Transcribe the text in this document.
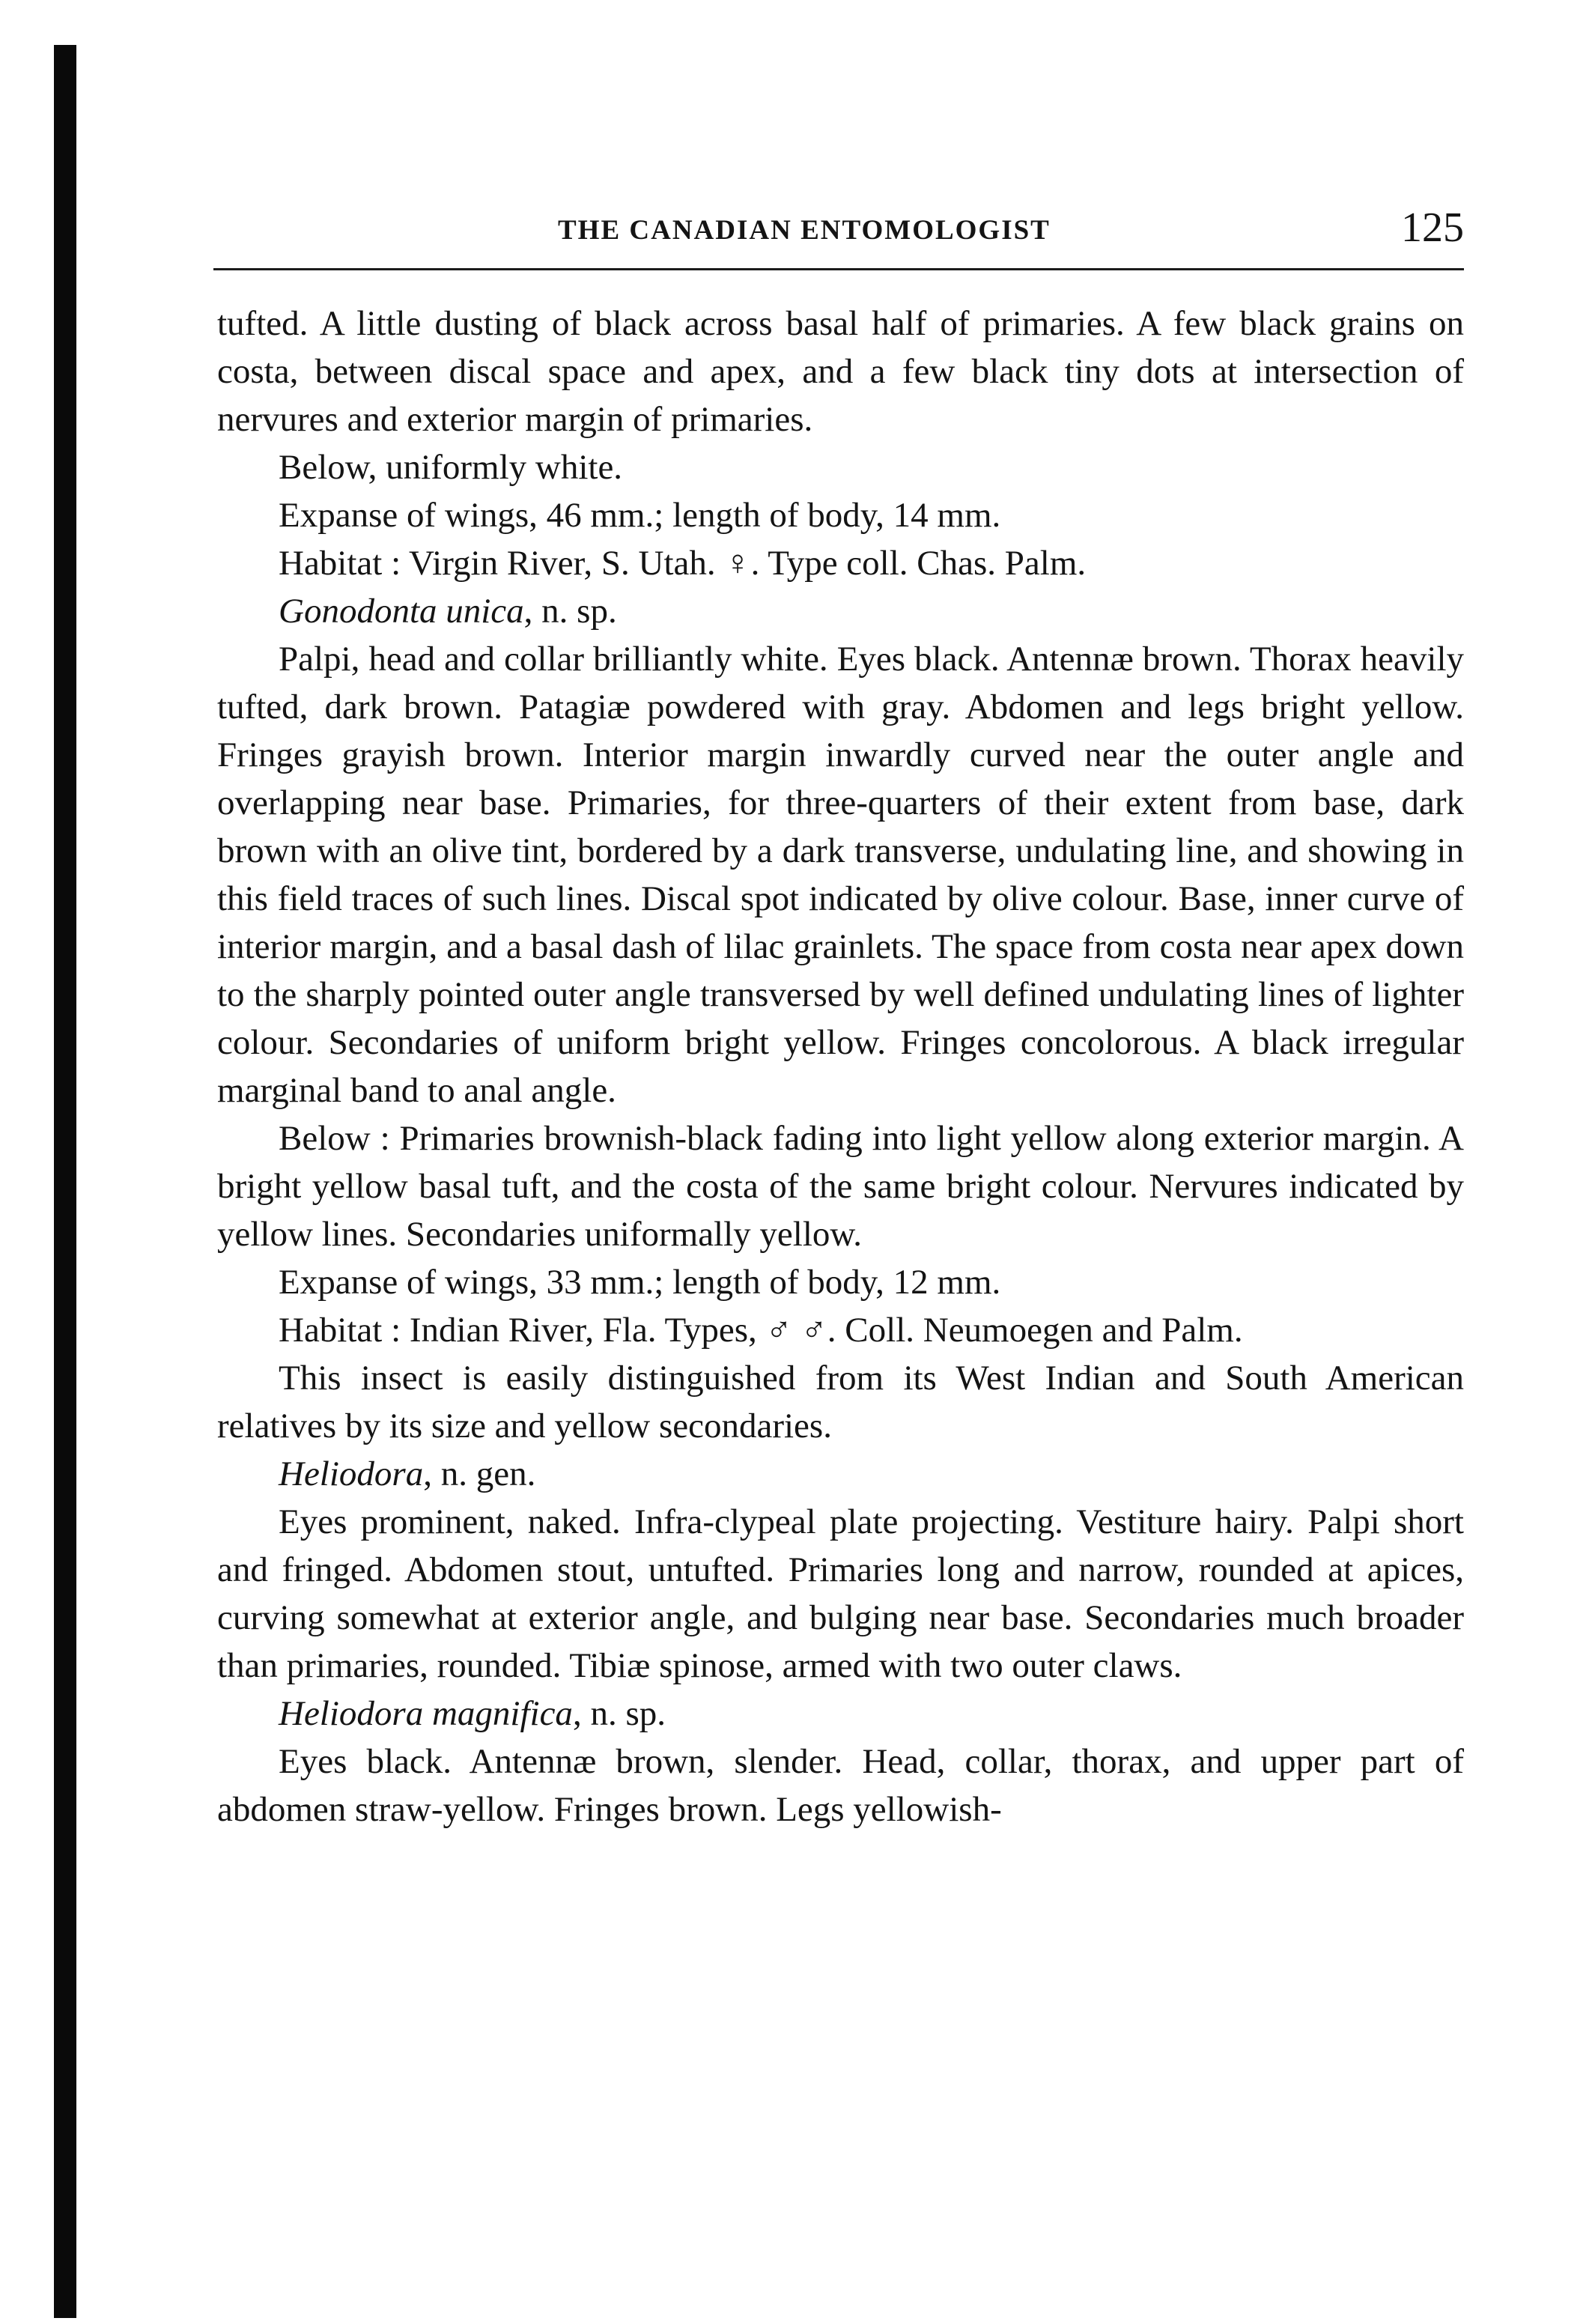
THE CANADIAN ENTOMOLOGIST	125

tufted. A little dusting of black across basal half of primaries. A few black grains on costa, between discal space and apex, and a few black tiny dots at intersection of nervures and exterior margin of primaries.

Below, uniformly white.

Expanse of wings, 46 mm.; length of body, 14 mm.

Habitat : Virgin River, S. Utah. ♀. Type coll. Chas. Palm.

Gonodonta unica, n. sp.

Palpi, head and collar brilliantly white. Eyes black. Antennæ brown. Thorax heavily tufted, dark brown. Patagiæ powdered with gray. Abdomen and legs bright yellow. Fringes grayish brown. Interior margin inwardly curved near the outer angle and overlapping near base. Primaries, for three-quarters of their extent from base, dark brown with an olive tint, bordered by a dark transverse, undulating line, and showing in this field traces of such lines. Discal spot indicated by olive colour. Base, inner curve of interior margin, and a basal dash of lilac grainlets. The space from costa near apex down to the sharply pointed outer angle transversed by well defined undulating lines of lighter colour. Secondaries of uniform bright yellow. Fringes concolorous. A black irregular marginal band to anal angle.

Below : Primaries brownish-black fading into light yellow along exterior margin. A bright yellow basal tuft, and the costa of the same bright colour. Nervures indicated by yellow lines. Secondaries uniformally yellow.

Expanse of wings, 33 mm.; length of body, 12 mm.

Habitat : Indian River, Fla. Types, ♂ ♂. Coll. Neumoegen and Palm.

This insect is easily distinguished from its West Indian and South American relatives by its size and yellow secondaries.

Heliodora, n. gen.

Eyes prominent, naked. Infra-clypeal plate projecting. Vestiture hairy. Palpi short and fringed. Abdomen stout, untufted. Primaries long and narrow, rounded at apices, curving somewhat at exterior angle, and bulging near base. Secondaries much broader than primaries, rounded. Tibiæ spinose, armed with two outer claws.

Heliodora magnifica, n. sp.

Eyes black. Antennæ brown, slender. Head, collar, thorax, and upper part of abdomen straw-yellow. Fringes brown. Legs yellowish-
